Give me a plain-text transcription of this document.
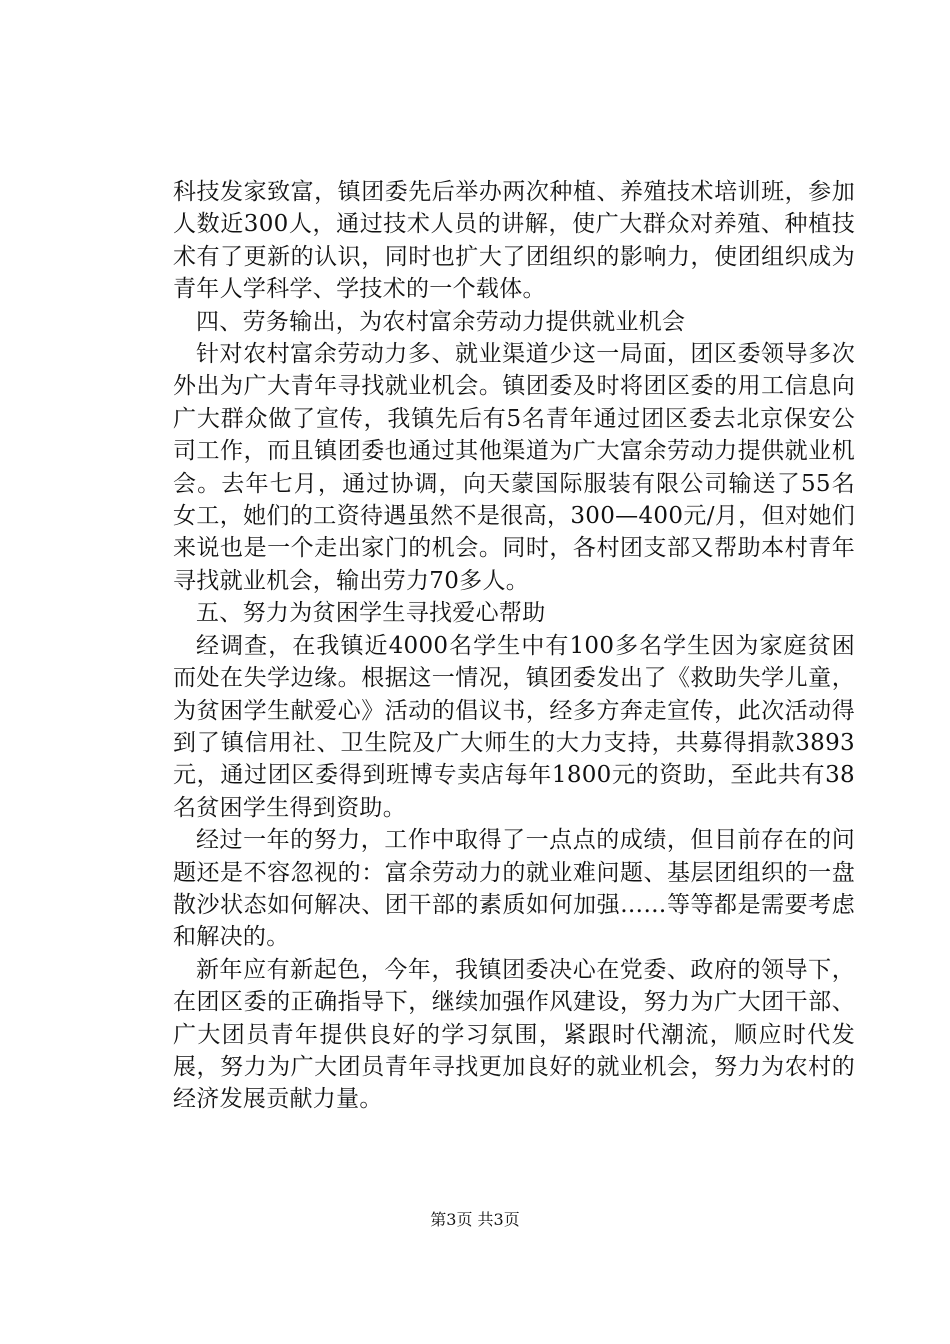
科技发家致富，镇团委先后举办两次种植、养殖技术培训班，参加人数近300人，通过技术人员的讲解，使广大群众对养殖、种植技术有了更新的认识，同时也扩大了团组织的影响力，使团组织成为青年人学科学、学技术的一个载体。

四、劳务输出，为农村富余劳动力提供就业机会

针对农村富余劳动力多、就业渠道少这一局面，团区委领导多次外出为广大青年寻找就业机会。镇团委及时将团区委的用工信息向广大群众做了宣传，我镇先后有5名青年通过团区委去北京保安公司工作，而且镇团委也通过其他渠道为广大富余劳动力提供就业机会。去年七月，通过协调，向天蒙国际服装有限公司输送了55名女工，她们的工资待遇虽然不是很高，300—400元/月，但对她们来说也是一个走出家门的机会。同时，各村团支部又帮助本村青年寻找就业机会，输出劳力70多人。

五、努力为贫困学生寻找爱心帮助

经调查，在我镇近4000名学生中有100多名学生因为家庭贫困而处在失学边缘。根据这一情况，镇团委发出了《救助失学儿童，为贫困学生献爱心》活动的倡议书，经多方奔走宣传，此次活动得到了镇信用社、卫生院及广大师生的大力支持，共募得捐款3893元，通过团区委得到班博专卖店每年1800元的资助，至此共有38名贫困学生得到资助。

经过一年的努力，工作中取得了一点点的成绩，但目前存在的问题还是不容忽视的：富余劳动力的就业难问题、基层团组织的一盘散沙状态如何解决、团干部的素质如何加强……等等都是需要考虑和解决的。

新年应有新起色，今年，我镇团委决心在党委、政府的领导下，在团区委的正确指导下，继续加强作风建设，努力为广大团干部、广大团员青年提供良好的学习氛围，紧跟时代潮流，顺应时代发展，努力为广大团员青年寻找更加良好的就业机会，努力为农村的经济发展贡献力量。

第3页 共3页
